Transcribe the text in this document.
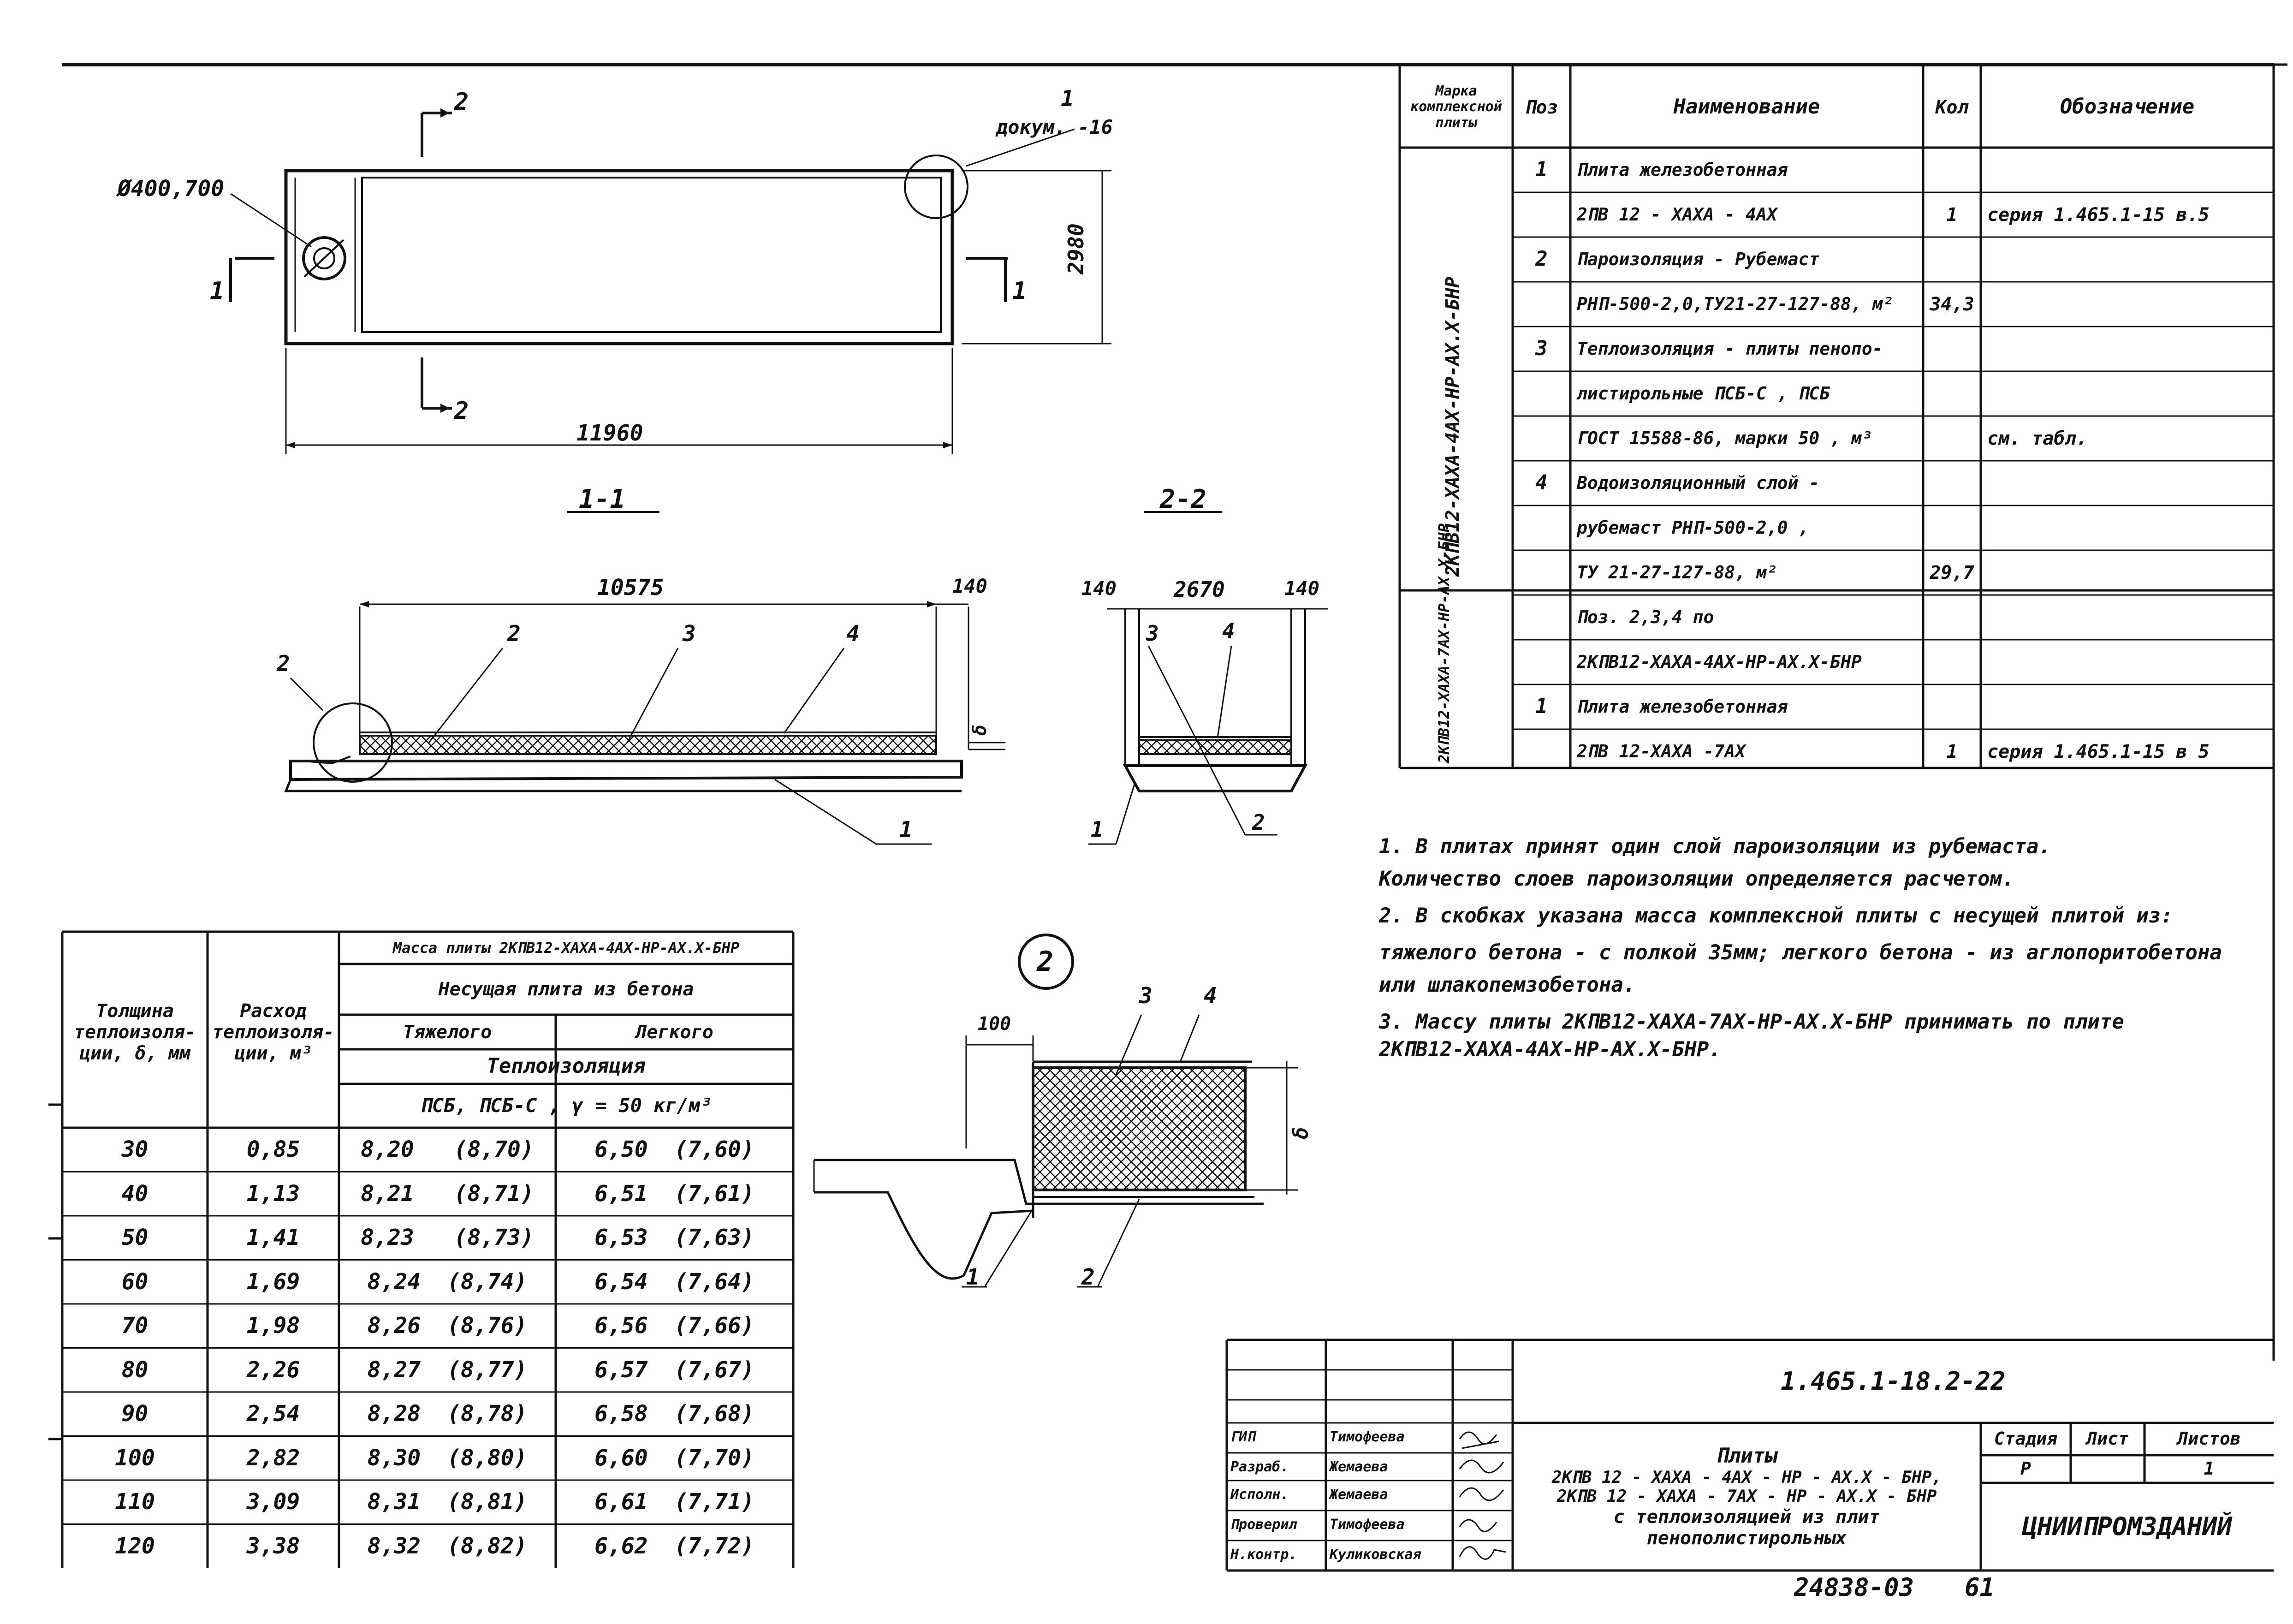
Ø400,700
2
2
1	1
1
докум. -16
11960
2980
1-1
10575	140
2	3	4
2
1
δ
2-2
140	2670	140
3	4
1	2
2
100
3 4
1	2
δ
Марка комплексной плиты
Поз	Наименование	Кол	Обозначение
2КПВ12-ХАХА-4АХ-НР-АХ.Х-БНР
2КПВ12-ХАХА-7АХ-НР-АХ.Х-БНР
1	Плита железобетонная
2ПВ 12 - ХАХА - 4АХ	1	серия 1.465.1-15 в.5
2	Пароизоляция - Рубемаст
РНП-500-2,0,ТУ21-27-127-88, м²	34,3
3	Теплоизоляция - плиты пенопо-
листирольные ПСБ-С , ПСБ
ГОСТ 15588-86, марки 50 , м³	см. табл.
4	Водоизоляционный слой -
рубемаст РНП-500-2,0 ,
ТУ 21-27-127-88, м²	29,7
Поз. 2,3,4 по
2КПВ12-ХАХА-4АХ-НР-АХ.Х-БНР
1	Плита железобетонная
2ПВ 12-ХАХА -7АХ	1	серия 1.465.1-15 в 5
1. В плитах принят один слой пароизоляции из рубемаста.
Количество слоев пароизоляции определяется расчетом.
2. В скобках указана масса комплексной плиты с несущей плитой из:
тяжелого бетона - с полкой 35мм; легкого бетона - из аглопоритобетона
или шлакопемзобетона.
3. Массу плиты 2КПВ12-ХАХА-7АХ-НР-АХ.Х-БНР принимать по плите
2КПВ12-ХАХА-4АХ-НР-АХ.Х-БНР.
Толщина теплоизоля- ции, δ, мм
Расход теплоизоля- ции, м³
Масса плиты 2КПВ12-ХАХА-4АХ-НР-АХ.Х-БНР
Несущая плита из бетона
Тяжелого	Легкого
Теплоизоляция
ПСБ, ПСБ-С , γ = 50 кг/м³
30	0,85	8,20   (8,70)	6,50  (7,60)
40	1,13	8,21   (8,71)	6,51  (7,61)
50	1,41	8,23   (8,73)	6,53  (7,63)
60	1,69	8,24  (8,74)	6,54  (7,64)
70	1,98	8,26  (8,76)	6,56  (7,66)
80	2,26	8,27  (8,77)	6,57  (7,67)
90	2,54	8,28  (8,78)	6,58  (7,68)
100	2,82	8,30  (8,80)	6,60  (7,70)
110	3,09	8,31  (8,81)	6,61  (7,71)
120	3,38	8,32  (8,82)	6,62  (7,72)
1.465.1-18.2-22
ГИП	Тимофеева
Разраб.	Жемаева
Исполн.	Жемаева
Проверил	Тимофеева
Н.контр.	Куликовская
Плиты
2КПВ 12 - ХАХА - 4АХ - НР - АХ.Х - БНР,
2КПВ 12 - ХАХА - 7АХ - НР - АХ.Х - БНР
с теплоизоляцией из плит
пенополистирольных
Стадия	Лист	Листов
Р	1
ЦНИИПРОМЗДАНИЙ
24838-03 61
